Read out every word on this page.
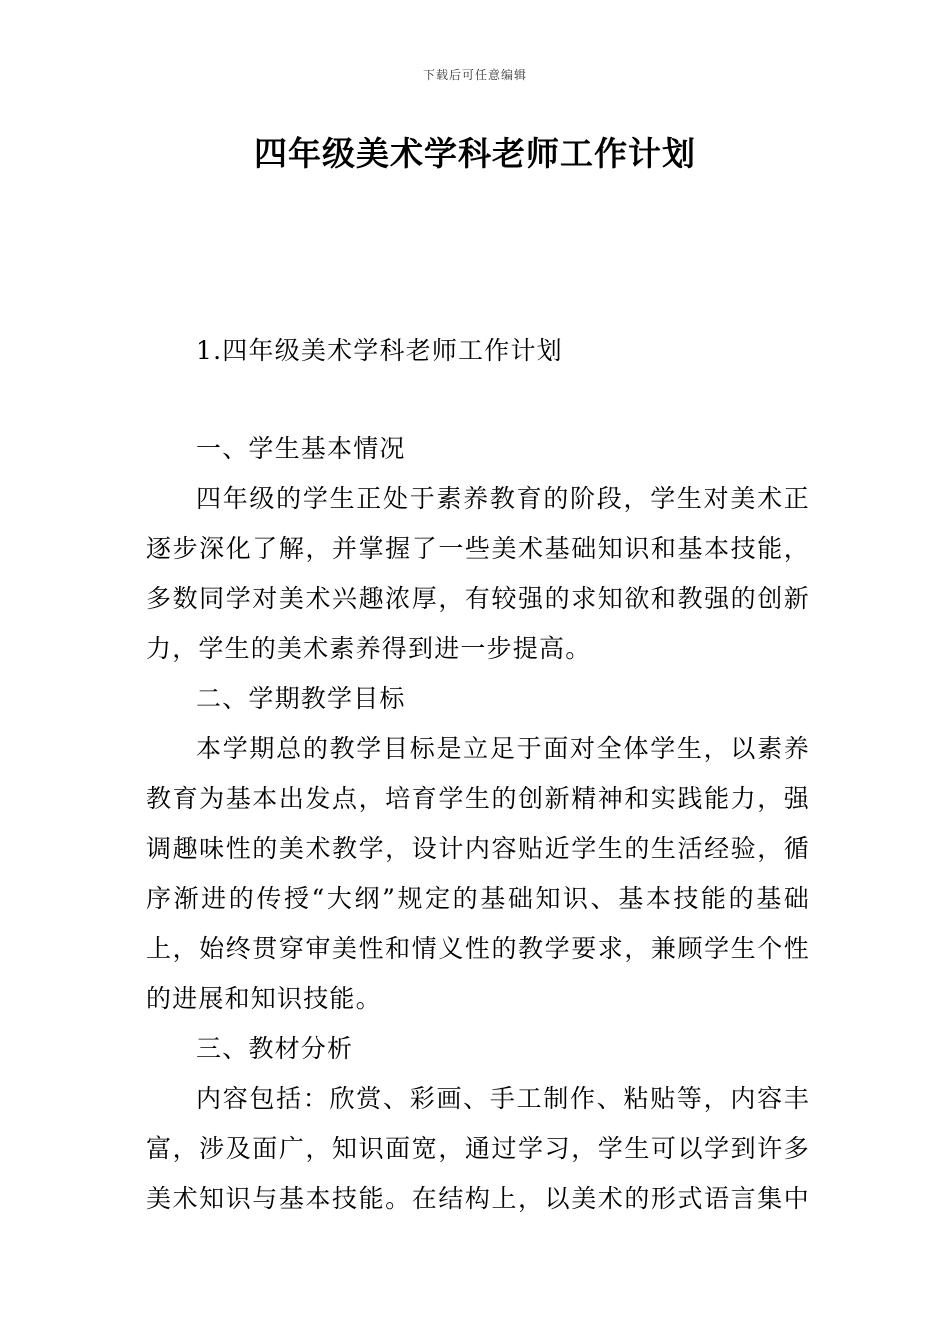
下载后可任意编辑
四年级美术学科老师工作计划
1.四年级美术学科老师工作计划
一、学生基本情况
四年级的学生正处于素养教育的阶段，学生对美术正
逐步深化了解，并掌握了一些美术基础知识和基本技能，
多数同学对美术兴趣浓厚，有较强的求知欲和教强的创新
力，学生的美术素养得到进一步提高。
二、学期教学目标
本学期总的教学目标是立足于面对全体学生，以素养
教育为基本出发点，培育学生的创新精神和实践能力，强
调趣味性的美术教学，设计内容贴近学生的生活经验，循
序渐进的传授“大纲”规定的基础知识、基本技能的基础
上，始终贯穿审美性和情义性的教学要求，兼顾学生个性
的进展和知识技能。
三、教材分析
内容包括：欣赏、彩画、手工制作、粘贴等，内容丰
富，涉及面广，知识面宽，通过学习，学生可以学到许多
美术知识与基本技能。在结构上，以美术的形式语言集中
